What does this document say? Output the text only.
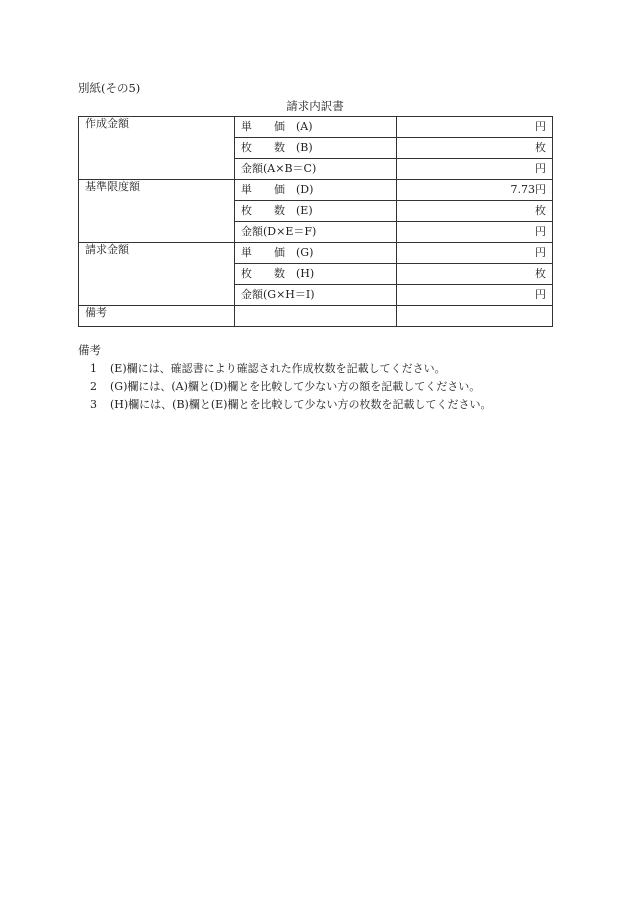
別紙(その5)
請求内訳書
作成金額	単　　価　(A)	円
	枚　　数　(B)	枚
	金額(A×B＝C)	円
基準限度額	単　　価　(D)	7.73円
	枚　　数　(E)	枚
	金額(D×E＝F)	円
請求金額	単　　価　(G)	円
	枚　　数　(H)	枚
	金額(G×H＝I)	円
備考		
備考
1 (E)欄には、確認書により確認された作成枚数を記載してください。
2 (G)欄には、(A)欄と(D)欄とを比較して少ない方の額を記載してください。
3 (H)欄には、(B)欄と(E)欄とを比較して少ない方の枚数を記載してください。
